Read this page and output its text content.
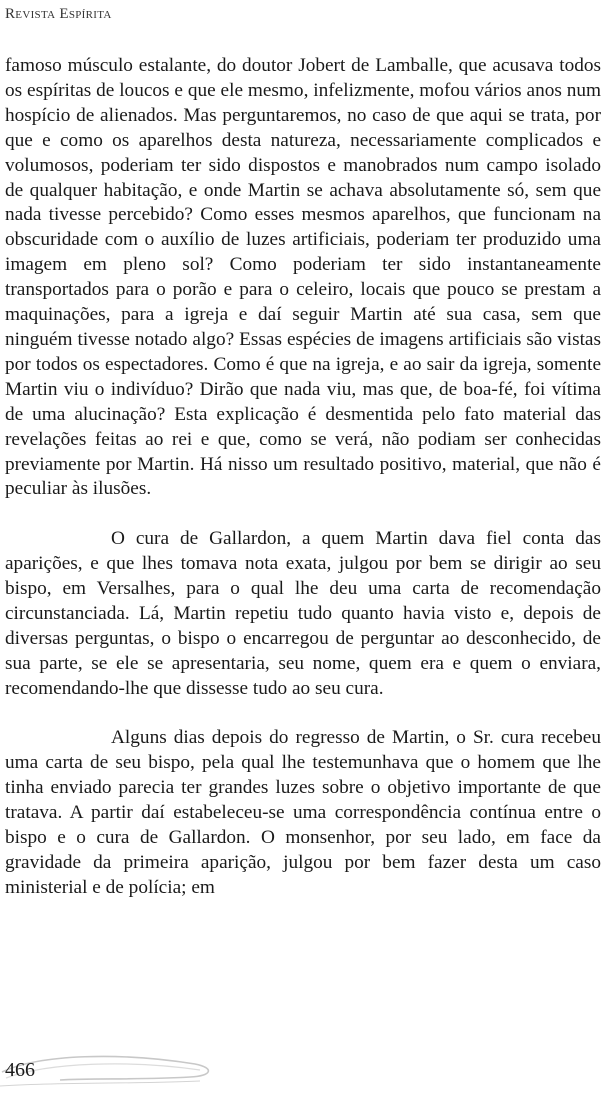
Revista Espírita

famoso músculo estalante, do doutor Jobert de Lamballe, que acusava todos os espíritas de loucos e que ele mesmo, infelizmente, mofou vários anos num hospício de alienados. Mas perguntaremos, no caso de que aqui se trata, por que e como os aparelhos desta natureza, necessariamente complicados e volumosos, poderiam ter sido dispostos e manobrados num campo isolado de qualquer habitação, e onde Martin se achava absolutamente só, sem que nada tivesse percebido? Como esses mesmos aparelhos, que funcionam na obscuridade com o auxílio de luzes artificiais, poderiam ter produzido uma imagem em pleno sol? Como poderiam ter sido instantaneamente transportados para o porão e para o celeiro, locais que pouco se prestam a maquinações, para a igreja e daí seguir Martin até sua casa, sem que ninguém tivesse notado algo? Essas espécies de imagens artificiais são vistas por todos os espectadores. Como é que na igreja, e ao sair da igreja, somente Martin viu o indivíduo? Dirão que nada viu, mas que, de boa-fé, foi vítima de uma alucinação? Esta explicação é desmentida pelo fato material das revelações feitas ao rei e que, como se verá, não podiam ser conhecidas previamente por Martin. Há nisso um resultado positivo, material, que não é peculiar às ilusões.

O cura de Gallardon, a quem Martin dava fiel conta das aparições, e que lhes tomava nota exata, julgou por bem se dirigir ao seu bispo, em Versalhes, para o qual lhe deu uma carta de recomendação circunstanciada. Lá, Martin repetiu tudo quanto havia visto e, depois de diversas perguntas, o bispo o encarregou de perguntar ao desconhecido, de sua parte, se ele se apresentaria, seu nome, quem era e quem o enviara, recomendando-lhe que dissesse tudo ao seu cura.

Alguns dias depois do regresso de Martin, o Sr. cura recebeu uma carta de seu bispo, pela qual lhe testemunhava que o homem que lhe tinha enviado parecia ter grandes luzes sobre o objetivo importante de que tratava. A partir daí estabeleceu-se uma correspondência contínua entre o bispo e o cura de Gallardon. O monsenhor, por seu lado, em face da gravidade da primeira aparição, julgou por bem fazer desta um caso ministerial e de polícia; em

466
